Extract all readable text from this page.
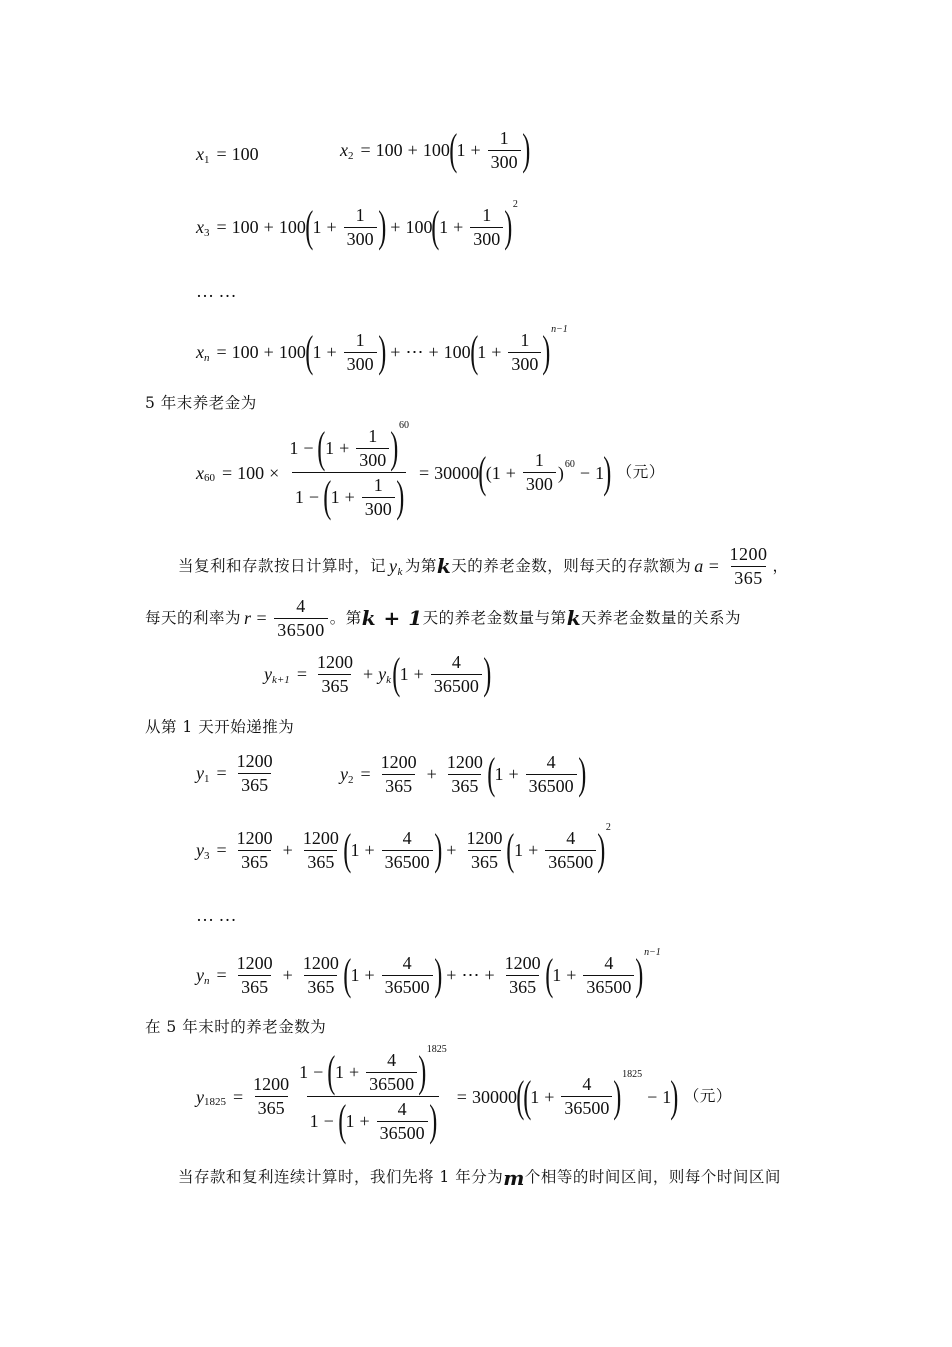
x 1 = 100	x 2 = 100 + 100 ( $1 + \frac{1}{300}$ )
x 3 = 100 + 100 ( $1 + \frac{1}{300}$ ) + 100 ( $1 + \frac{1}{300}$ ) 2
… …
x n = 100 + 100 ( $1 + \frac{1}{300}$ ) + ⋯ + 100 ( $1 + \frac{1}{300}$ ) n−1
5 年末养老金为
x $60 = 100 \times \frac{1 - ( 1 + \frac{1}{300} ) 60}{1 - ( 1 + \frac{1}{300} )} = 30000$ ( ( $1 + \frac{1}{300}$ ) 60 − 1 ) （元）
当复利和存款按日计算时，记 y k 为第 k 天的养老金数，则每天的存款额为 $a = \frac{1200}{365}$ ，
每天的利率为 $r = \frac{4}{36500}$ 。第 k + 1 天的养老金数量与第 k 天养老金数量的关系为
y $k+1 = \frac{1200}{365} + y$ k ( $1 + \frac{4}{36500}$ )
从第 1 天开始递推为
y $1 = \frac{1200}{365}$	y $2 = \frac{1200}{365} + \frac{1200}{365}$ ( $1 + \frac{4}{36500}$ )
y $3 = \frac{1200}{365} + \frac{1200}{365}$ ( $1 + \frac{4}{36500}$ ) + $\frac{1200}{365}$ ( $1 + \frac{4}{36500}$ ) 2
… …
y $n = \frac{1200}{365} + \frac{1200}{365}$ ( $1 + \frac{4}{36500}$ ) + ⋯ + $\frac{1200}{365}$ ( $1 + \frac{4}{36500}$ ) n−1
在 5 年末时的养老金数为
y $1825 = \frac{1200}{365} \frac{1 - ( 1 + \frac{4}{36500} ) 1825}{1 - ( 1 + \frac{4}{36500} )} = 30000$ (
( $1 + \frac{4}{36500}$ ) 1825
− 1 ) （元）
当存款和复利连续计算时，我们先将 1 年分为 m 个相等的时间区间，则每个时间区间
